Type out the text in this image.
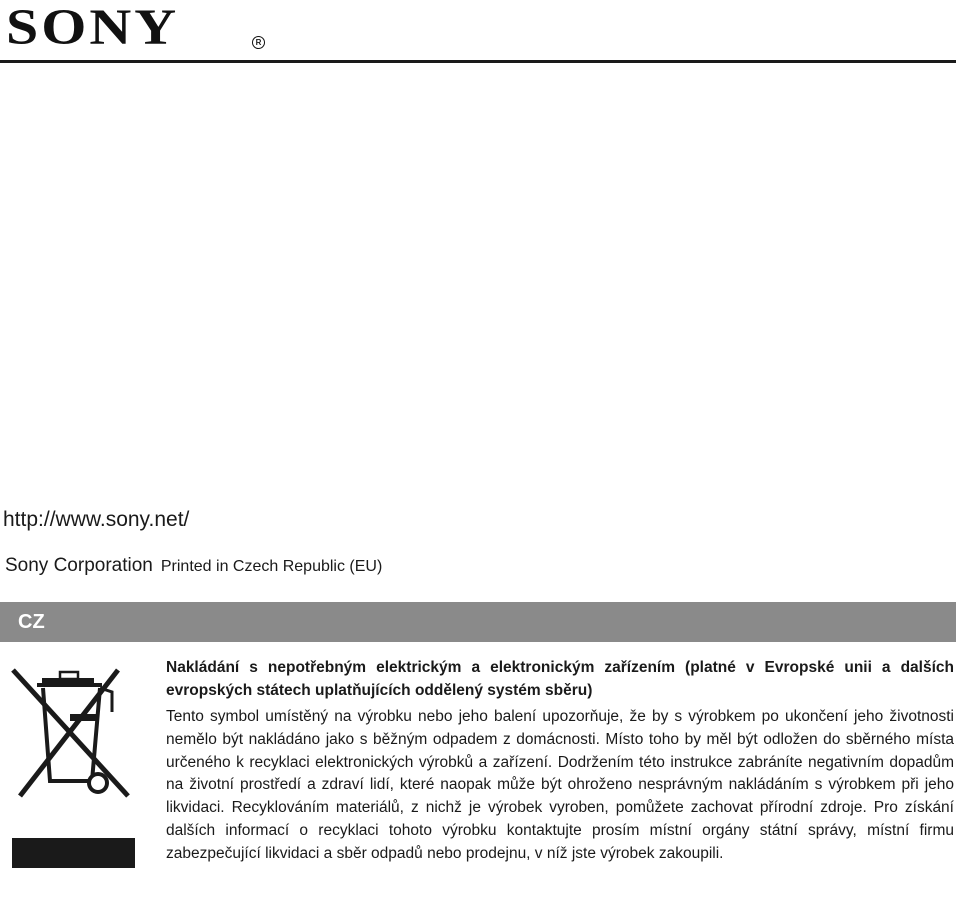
SONY	R
http://www.sony.net/
Sony Corporation Printed in Czech Republic (EU)
CZ

Nakládání s nepotřebným elektrickým a elektronickým zařízením (platné v Evropské unii a dalších evropských státech uplatňujících oddělený systém sběru)

Tento symbol umístěný na výrobku nebo jeho balení upozorňuje, že by s výrobkem po ukončení jeho životnosti nemělo být nakládáno jako s běžným odpadem z domácnosti. Místo toho by měl být odložen do sběrného místa určeného k recyklaci elektronických výrobků a zařízení. Dodržením této instrukce zabráníte negativním dopadům na životní prostředí a zdraví lidí, které naopak může být ohroženo nesprávným nakládáním s výrobkem při jeho likvidaci. Recyklováním materiálů, z nichž je výrobek vyroben, pomůžete zachovat přírodní zdroje. Pro získání dalších informací o recyklaci tohoto výrobku kontaktujte prosím místní orgány státní správy, místní firmu zabezpečující likvidaci a sběr odpadů nebo prodejnu, v níž jste výrobek zakoupili.
